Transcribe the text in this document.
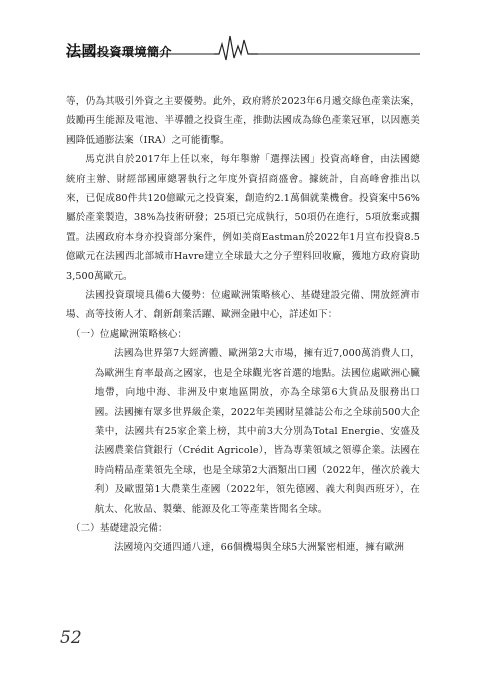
法國投資環境簡介

等，仍為其吸引外資之主要優勢。此外，政府將於2023年6月遞交綠色產業法案，鼓勵再生能源及電池、半導體之投資生產，推動法國成為綠色產業冠軍，以因應美國降低通膨法案（IRA）之可能衝擊。

馬克洪自於2017年上任以來，每年舉辦「選擇法國」投資高峰會，由法國總統府主辦、財經部國庫總署執行之年度外資招商盛會。據統計，自高峰會推出以來，已促成80件共120億歐元之投資案，創造約2.1萬個就業機會。投資案中56%屬於產業製造，38%為技術研發；25項已完成執行，50項仍在進行，5項放棄或擱置。法國政府本身亦投資部分案件，例如美商Eastman於2022年1月宣布投資8.5億歐元在法國西北部城市Havre建立全球最大之分子塑料回收廠，獲地方政府資助3,500萬歐元。

法國投資環境具備6大優勢：位處歐洲策略核心、基礎建設完備、開放經濟市場、高等技術人才、創新創業活躍、歐洲金融中心，詳述如下：

（一）位處歐洲策略核心：

法國為世界第7大經濟體、歐洲第2大市場，擁有近7,000萬消費人口，為歐洲生育率最高之國家，也是全球觀光客首選的地點。法國位處歐洲心臟地帶，向地中海、非洲及中東地區開放，亦為全球第6大貨品及服務出口國。法國擁有眾多世界級企業，2022年美國財星雜誌公布之全球前500大企業中，法國共有25家企業上榜，其中前3大分別為Total Energie、安盛及法國農業信貸銀行（Crédit Agricole），皆為專業領域之領導企業。法國在時尚精品產業領先全球，也是全球第2大酒類出口國（2022年，僅次於義大利）及歐盟第1大農業生產國（2022年，領先德國、義大利與西班牙），在航太、化妝品、製藥、能源及化工等產業皆聞名全球。

（二）基礎建設完備：

法國境內交通四通八達，66個機場與全球5大洲緊密相連，擁有歐洲

52
